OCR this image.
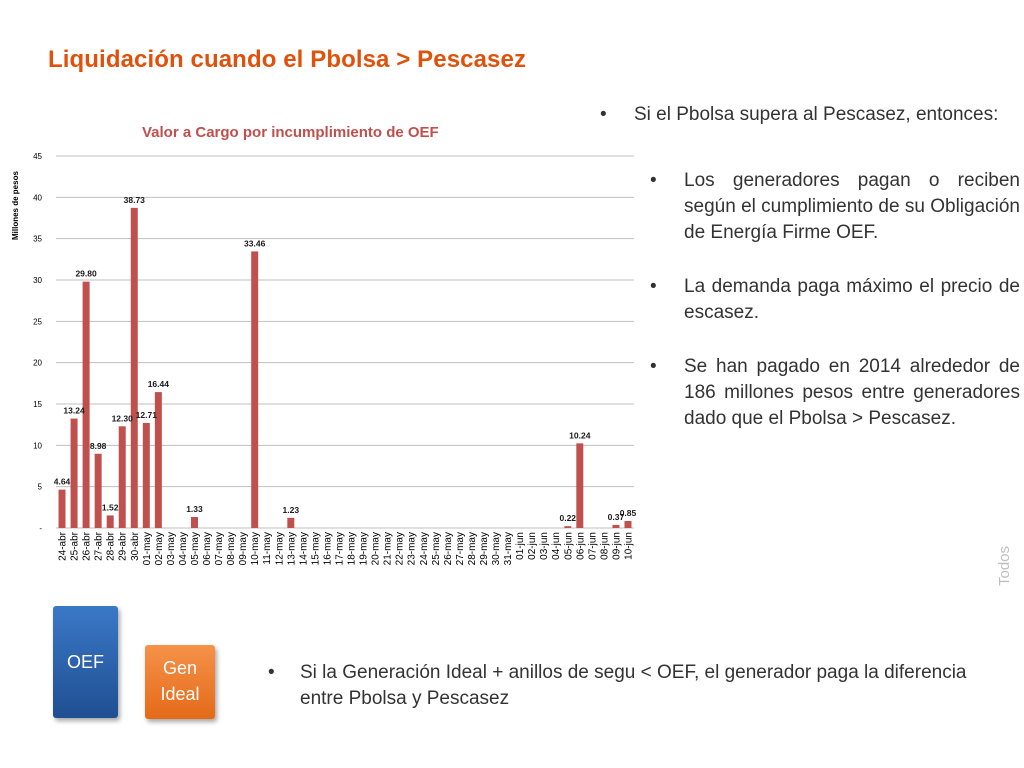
Liquidación cuando el Pbolsa > Pescasez
Valor a Cargo por incumplimiento de OEF
Millones de pesos
-
5
10
15
20
25
30
35
40
45
4.64
13.24
29.80
8.98
1.52
12.30
38.73
12.71
16.44
1.33
33.46
1.23
0.22
10.24
0.37
0.85
24-abr 25-abr 26-abr 27-abr 28-abr 29-abr 30-abr 01-may 02-may 03-may 04-may 05-may 06-may 07-may 08-may 09-may 10-may 11-may 12-may 13-may 14-may 15-may 16-may 17-may 18-may 19-may 20-may 21-may 22-may 23-may 24-may 25-may 26-may 27-may 28-may 29-may 30-may 31-may 01-jun 02-jun 03-jun 04-jun 05-jun 06-jun 07-jun 08-jun 09-jun 10-jun
• Si el Pbolsa supera al Pescasez, entonces:
• Los generadores pagan o reciben según el cumplimiento de su Obligación de Energía Firme OEF.
• La demanda paga máximo el precio de escasez.
• Se han pagado en 2014 alrededor de 186 millones pesos entre generadores dado que el Pbolsa > Pescasez.
Todos
OEF	Gen
Ideal
• Si la Generación Ideal + anillos de segu < OEF, el generador paga la diferencia entre Pbolsa y Pescasez
